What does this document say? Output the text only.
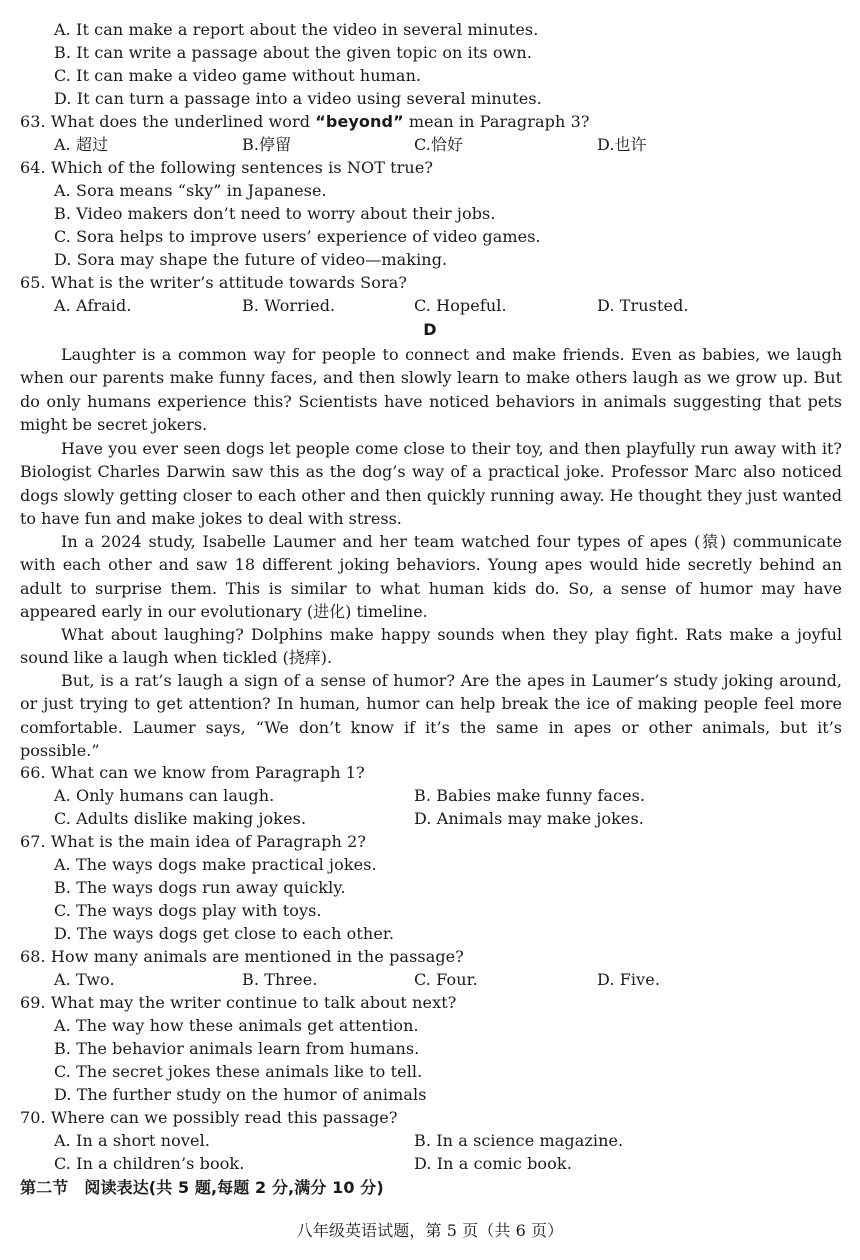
A. It can make a report about the video in several minutes.
B. It can write a passage about the given topic on its own.
C. It can make a video game without human.
D. It can turn a passage into a video using several minutes.
63. What does the underlined word “beyond” mean in Paragraph 3?
A. 超过	B.停留	C.恰好	D.也许
64. Which of the following sentences is NOT true?
A. Sora means “sky” in Japanese.
B. Video makers don’t need to worry about their jobs.
C. Sora helps to improve users’ experience of video games.
D. Sora may shape the future of video—making.
65. What is the writer’s attitude towards Sora?
A. Afraid.	B. Worried.	C. Hopeful.	D. Trusted.
D

Laughter is a common way for people to connect and make friends. Even as babies, we laugh when our parents make funny faces, and then slowly learn to make others laugh as we grow up. But do only humans experience this? Scientists have noticed behaviors in animals suggesting that pets might be secret jokers.

Have you ever seen dogs let people come close to their toy, and then playfully run away with it? Biologist Charles Darwin saw this as the dog’s way of a practical joke. Professor Marc also noticed dogs slowly getting closer to each other and then quickly running away. He thought they just wanted to have fun and make jokes to deal with stress.

In a 2024 study, Isabelle Laumer and her team watched four types of apes (猿) communicate with each other and saw 18 different joking behaviors. Young apes would hide secretly behind an adult to surprise them. This is similar to what human kids do. So, a sense of humor may have appeared early in our evolutionary (进化) timeline.

What about laughing? Dolphins make happy sounds when they play fight. Rats make a joyful sound like a laugh when tickled (挠痒).

But, is a rat’s laugh a sign of a sense of humor? Are the apes in Laumer’s study joking around, or just trying to get attention? In human, humor can help break the ice of making people feel more comfortable. Laumer says, “We don’t know if it’s the same in apes or other animals, but it’s possible.”

66. What can we know from Paragraph 1?
A. Only humans can laugh.	B. Babies make funny faces.
C. Adults dislike making jokes.	D. Animals may make jokes.
67. What is the main idea of Paragraph 2?
A. The ways dogs make practical jokes.
B. The ways dogs run away quickly.
C. The ways dogs play with toys.
D. The ways dogs get close to each other.
68. How many animals are mentioned in the passage?
A. Two.	B. Three.	C. Four.	D. Five.
69. What may the writer continue to talk about next?
A. The way how these animals get attention.
B. The behavior animals learn from humans.
C. The secret jokes these animals like to tell.
D. The further study on the humor of animals
70. Where can we possibly read this passage?
A. In a short novel.	B. In a science magazine.
C. In a children’s book.	D. In a comic book.
第二节　阅读表达(共 5 题,每题 2 分,满分 10 分)
八年级英语试题，第 5 页（共 6 页）
